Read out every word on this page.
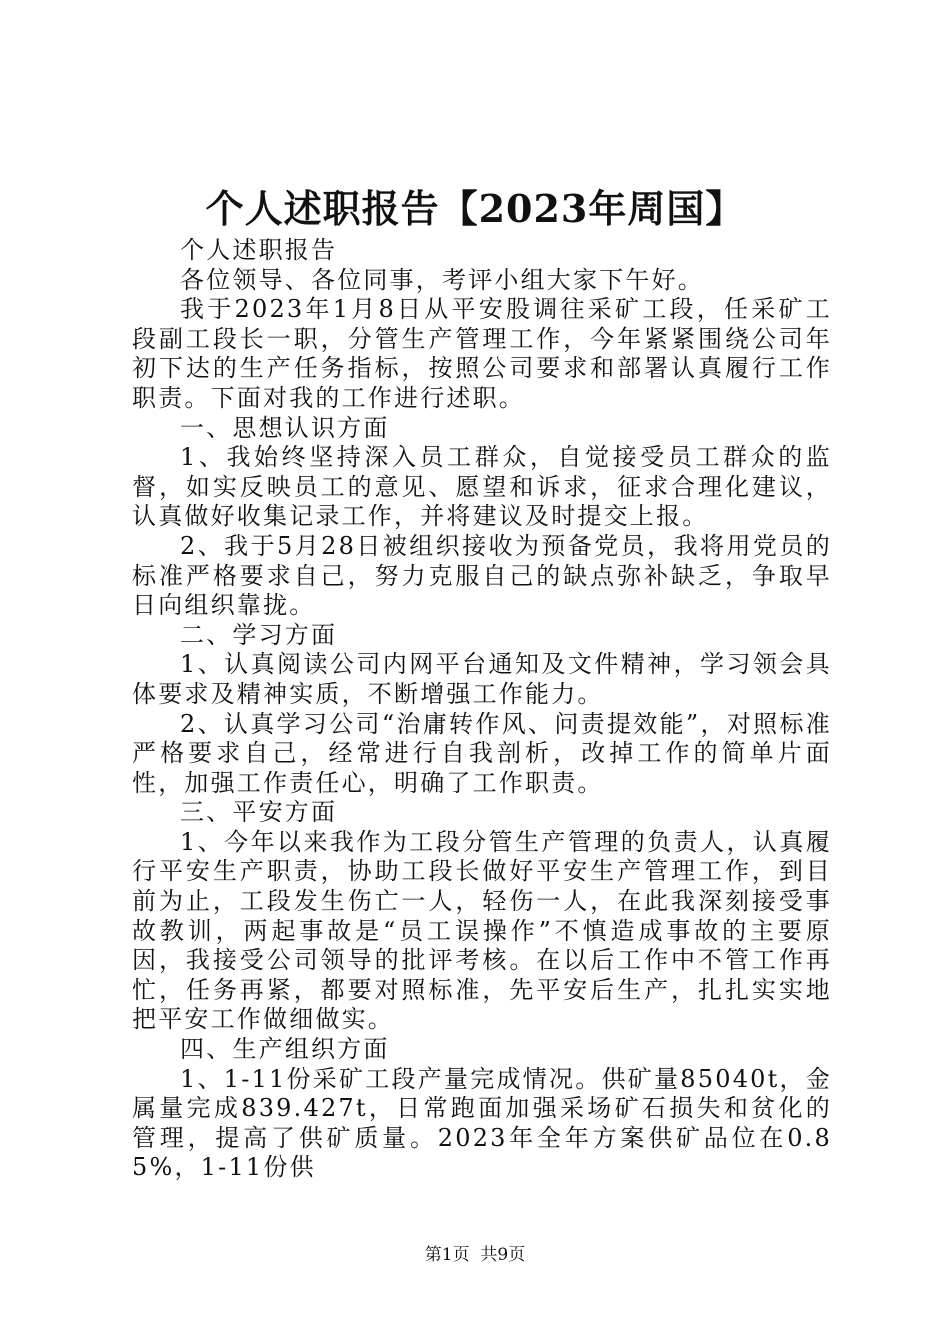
个人述职报告【2023年周国】

个人述职报告

各位领导、各位同事，考评小组大家下午好。

我于2023年1月8日从平安股调往采矿工段，任采矿工段副工段长一职，分管生产管理工作，今年紧紧围绕公司年初下达的生产任务指标，按照公司要求和部署认真履行工作职责。下面对我的工作进行述职。

一、思想认识方面

1、我始终坚持深入员工群众，自觉接受员工群众的监督，如实反映员工的意见、愿望和诉求，征求合理化建议，认真做好收集记录工作，并将建议及时提交上报。

2、我于5月28日被组织接收为预备党员，我将用党员的标准严格要求自己，努力克服自己的缺点弥补缺乏，争取早日向组织靠拢。

二、学习方面

1、认真阅读公司内网平台通知及文件精神，学习领会具体要求及精神实质，不断增强工作能力。

2、认真学习公司“治庸转作风、问责提效能”，对照标准严格要求自己，经常进行自我剖析，改掉工作的简单片面性，加强工作责任心，明确了工作职责。

三、平安方面

1、今年以来我作为工段分管生产管理的负责人，认真履行平安生产职责，协助工段长做好平安生产管理工作，到目前为止，工段发生伤亡一人，轻伤一人，在此我深刻接受事故教训，两起事故是“员工误操作”不慎造成事故的主要原因，我接受公司领导的批评考核。在以后工作中不管工作再忙，任务再紧，都要对照标准，先平安后生产，扎扎实实地把平安工作做细做实。

四、生产组织方面

1、1-11份采矿工段产量完成情况。供矿量85040t，金属量完成839.427t，日常跑面加强采场矿石损失和贫化的管理，提高了供矿质量。2023年全年方案供矿品位在0.85%，1-11份供

第1页 共9页
